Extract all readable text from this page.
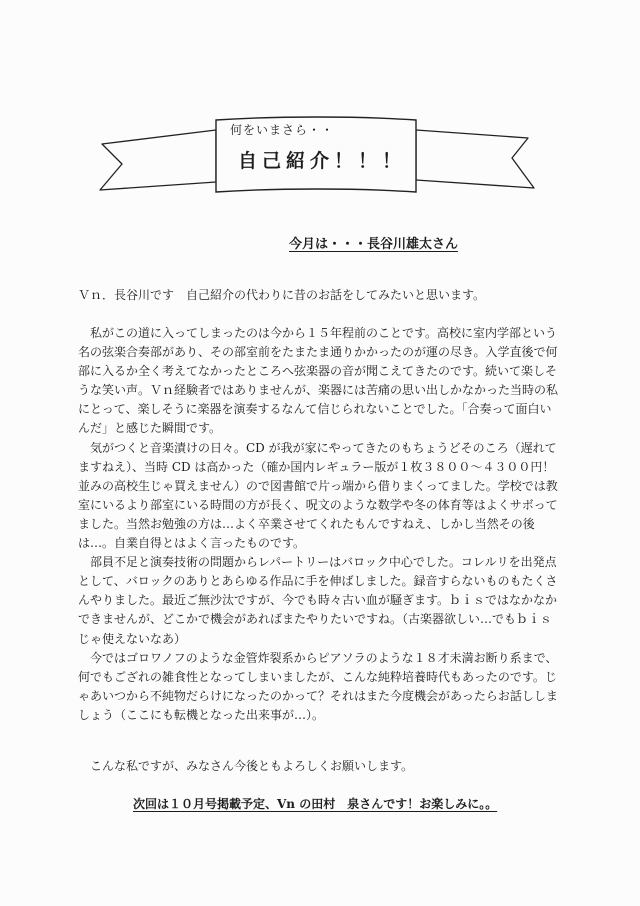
何をいまさら・・
自己紹介！！！
今月は・・・長谷川雄太さん
Ｖｎ．長谷川です　自己紹介の代わりに昔のお話をしてみたいと思います。

　私がこの道に入ってしまったのは今から１５年程前のことです。高校に室内学部という名の弦楽合奏部があり、その部室前をたまたま通りかかったのが運の尽き。入学直後で何部に入るか全く考えてなかったところへ弦楽器の音が聞こえてきたのです。続いて楽しそうな笑い声。Ｖｎ経験者ではありませんが、楽器には苦痛の思い出しかなかった当時の私にとって、楽しそうに楽器を演奏するなんて信じられないことでした。「合奏って面白いんだ」と感じた瞬間です。

　気がつくと音楽漬けの日々。CD が我が家にやってきたのもちょうどそのころ（遅れてますねえ）、当時 CD は高かった（確か国内レギュラー版が１枚３８００～４３００円！並みの高校生じゃ買えません）ので図書館で片っ端から借りまくってました。学校では教室にいるより部室にいる時間の方が長く、呪文のような数学や冬の体育等はよくサボってました。当然お勉強の方は…よく卒業させてくれたもんですねえ、しかし当然その後は…。自業自得とはよく言ったものです。

　部員不足と演奏技術の問題からレパートリーはバロック中心でした。コレルリを出発点として、バロックのありとあらゆる作品に手を伸ばしました。録音すらないものもたくさんやりました。最近ご無沙汰ですが、今でも時々古い血が騒ぎます。ｂｉｓではなかなかできませんが、どこかで機会があればまたやりたいですね。（古楽器欲しい…でもｂｉｓじゃ使えないなあ）

　今ではゴロワノフのような金管炸裂系からピアソラのような１８才未満お断り系まで、何でもござれの雑食性となってしまいましたが、こんな純粋培養時代もあったのです。じゃあいつから不純物だらけになったのかって？それはまた今度機会があったらお話ししましょう（ここにも転機となった出来事が…）。

　こんな私ですが、みなさん今後ともよろしくお願いします。
次回は１０月号掲載予定、Vn の田村　泉さんです！お楽しみに。。
